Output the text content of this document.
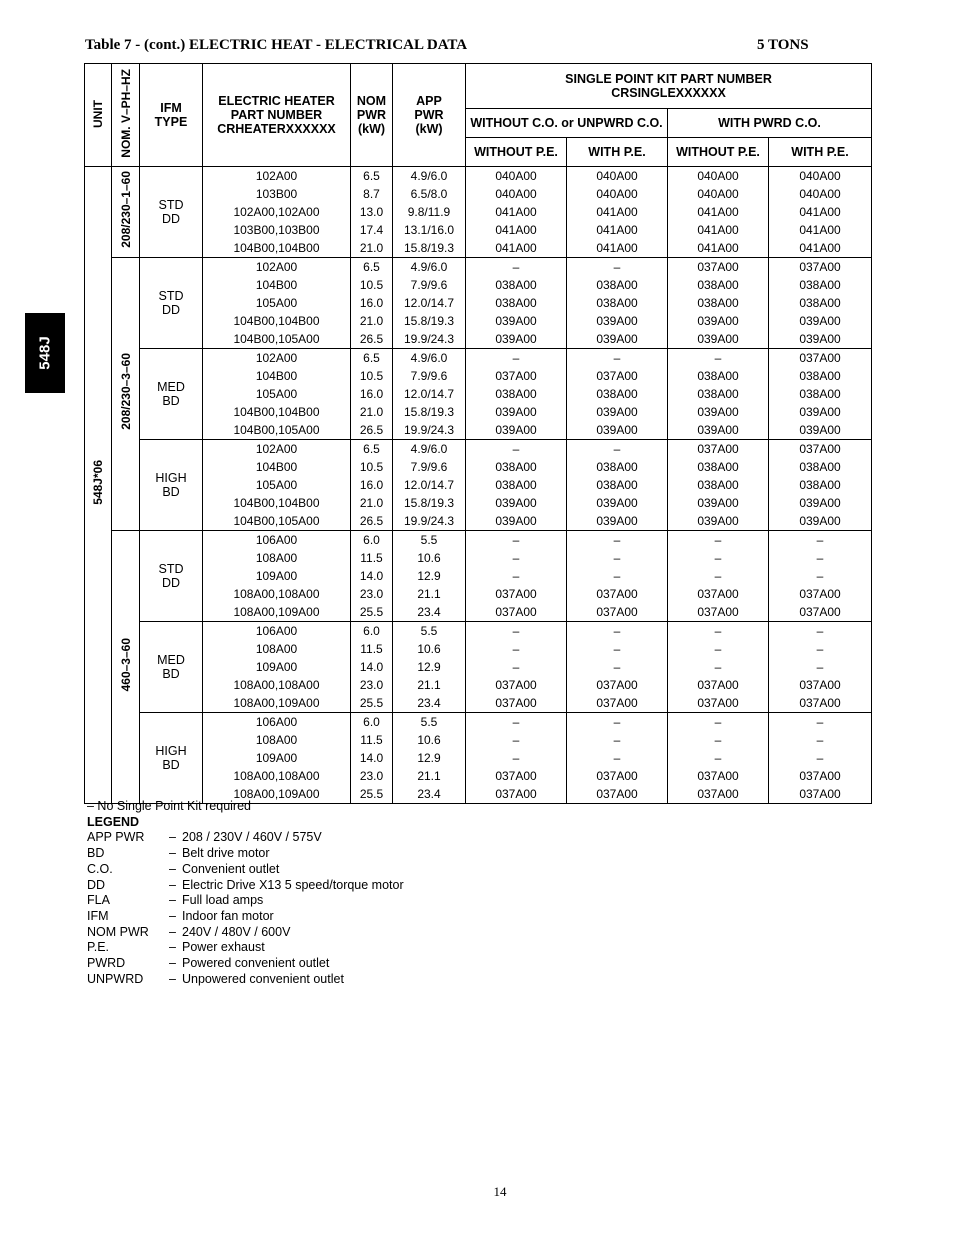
Table 7 - (cont.) ELECTRIC HEAT - ELECTRICAL DATA	5 TONS
548J
UNIT	NOM. V–PH–HZ	IFM TYPE	ELECTRIC HEATER PART NUMBER CRHEATERXXXXXX	NOM PWR (kW)	APP PWR (kW)	SINGLE POINT KIT PART NUMBER CRSINGLEXXXXXX			
						WITHOUT C.O. or UNPWRD C.O.		WITH PWRD C.O.	
						WITHOUT P.E.	WITH P.E.	WITHOUT P.E.	WITH P.E.
548J*06	208/230–1–60	STD
DD	102A00	6.5	4.9/6.0	040A00	040A00	040A00	040A00
			103B00	8.7	6.5/8.0	040A00	040A00	040A00	040A00
			102A00,102A00	13.0	9.8/11.9	041A00	041A00	041A00	041A00
			103B00,103B00	17.4	13.1/16.0	041A00	041A00	041A00	041A00
			104B00,104B00	21.0	15.8/19.3	041A00	041A00	041A00	041A00
	208/230–3–60	STD
DD	102A00	6.5	4.9/6.0	–	–	037A00	037A00
			104B00	10.5	7.9/9.6	038A00	038A00	038A00	038A00
			105A00	16.0	12.0/14.7	038A00	038A00	038A00	038A00
			104B00,104B00	21.0	15.8/19.3	039A00	039A00	039A00	039A00
			104B00,105A00	26.5	19.9/24.3	039A00	039A00	039A00	039A00

		MED
BD	102A00	6.5	4.9/6.0	–	–	–	037A00
			104B00	10.5	7.9/9.6	037A00	037A00	038A00	038A00
			105A00	16.0	12.0/14.7	038A00	038A00	038A00	038A00
			104B00,104B00	21.0	15.8/19.3	039A00	039A00	039A00	039A00
			104B00,105A00	26.5	19.9/24.3	039A00	039A00	039A00	039A00

		HIGH
BD	102A00	6.5	4.9/6.0	–	–	037A00	037A00
			104B00	10.5	7.9/9.6	038A00	038A00	038A00	038A00
			105A00	16.0	12.0/14.7	038A00	038A00	038A00	038A00
			104B00,104B00	21.0	15.8/19.3	039A00	039A00	039A00	039A00
			104B00,105A00	26.5	19.9/24.3	039A00	039A00	039A00	039A00
	460–3–60	STD
DD	106A00	6.0	5.5	–	–	–	–
			108A00	11.5	10.6	–	–	–	–
			109A00	14.0	12.9	–	–	–	–
			108A00,108A00	23.0	21.1	037A00	037A00	037A00	037A00
			108A00,109A00	25.5	23.4	037A00	037A00	037A00	037A00

		MED
BD	106A00	6.0	5.5	–	–	–	–
			108A00	11.5	10.6	–	–	–	–
			109A00	14.0	12.9	–	–	–	–
			108A00,108A00	23.0	21.1	037A00	037A00	037A00	037A00
			108A00,109A00	25.5	23.4	037A00	037A00	037A00	037A00

		HIGH
BD	106A00	6.0	5.5	–	–	–	–
			108A00	11.5	10.6	–	–	–	–
			109A00	14.0	12.9	–	–	–	–
			108A00,108A00	23.0	21.1	037A00	037A00	037A00	037A00
			108A00,109A00	25.5	23.4	037A00	037A00	037A00	037A00
– No Single Point Kit required
LEGEND
APP PWR	– 208 / 230V / 460V / 575V
BD	– Belt drive motor
C.O.	– Convenient outlet
DD	– Electric Drive X13 5 speed/torque motor
FLA	– Full load amps
IFM	– Indoor fan motor
NOM PWR	– 240V / 480V / 600V
P.E.	– Power exhaust
PWRD	– Powered convenient outlet
UNPWRD	– Unpowered convenient outlet
14
